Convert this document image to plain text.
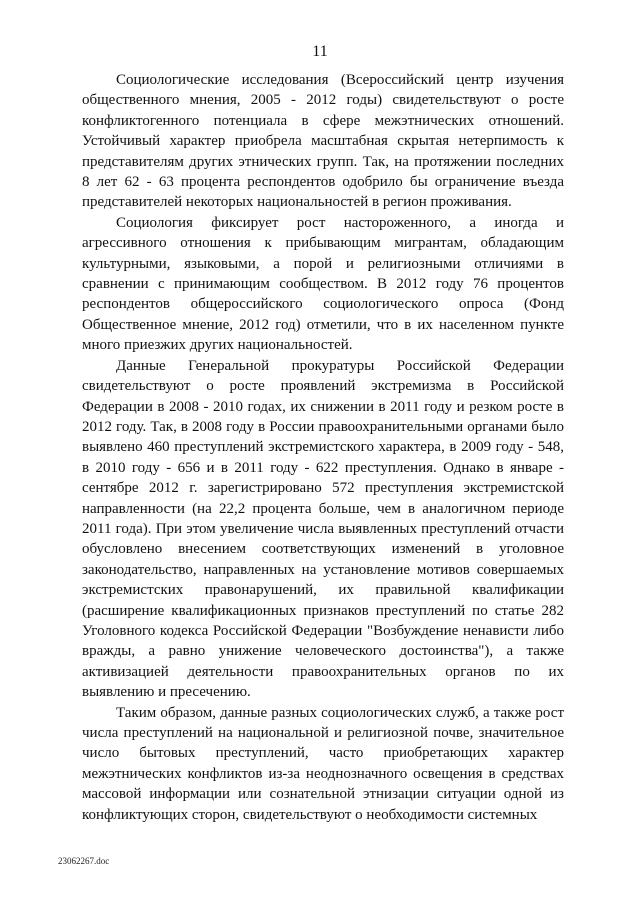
11

Социологические исследования (Всероссийский центр изучения общественного мнения, 2005 - 2012 годы) свидетельствуют о росте конфликтогенного потенциала в сфере межэтнических отношений. Устойчивый характер приобрела масштабная скрытая нетерпимость к представителям других этнических групп. Так, на протяжении последних 8 лет 62 - 63 процента респондентов одобрило бы ограничение въезда представителей некоторых национальностей в регион проживания.

Социология фиксирует рост настороженного, а иногда и агрессивного отношения к прибывающим мигрантам, обладающим культурными, языковыми, а порой и религиозными отличиями в сравнении с принимающим сообществом. В 2012 году 76 процентов респондентов общероссийского социологического опроса (Фонд Общественное мнение, 2012 год) отметили, что в их населенном пункте много приезжих других национальностей.

Данные Генеральной прокуратуры Российской Федерации свидетельствуют о росте проявлений экстремизма в Российской Федерации в 2008 - 2010 годах, их снижении в 2011 году и резком росте в 2012 году. Так, в 2008 году в России правоохранительными органами было выявлено 460 преступлений экстремистского характера, в 2009 году - 548, в 2010 году - 656 и в 2011 году - 622 преступления. Однако в январе - сентябре 2012 г. зарегистрировано 572 преступления экстремистской направленности (на 22,2 процента больше, чем в аналогичном периоде 2011 года). При этом увеличение числа выявленных преступлений отчасти обусловлено внесением соответствующих изменений в уголовное законодательство, направленных на установление мотивов совершаемых экстремистских правонарушений, их правильной квалификации (расширение квалификационных признаков преступлений по статье 282 Уголовного кодекса Российской Федерации "Возбуждение ненависти либо вражды, а равно унижение человеческого достоинства"), а также активизацией деятельности правоохранительных органов по их выявлению и пресечению.

Таким образом, данные разных социологических служб, а также рост числа преступлений на национальной и религиозной почве, значительное число бытовых преступлений, часто приобретающих характер межэтнических конфликтов из-за неоднозначного освещения в средствах массовой информации или сознательной этнизации ситуации одной из конфликтующих сторон, свидетельствуют о необходимости системных

23062267.doc
